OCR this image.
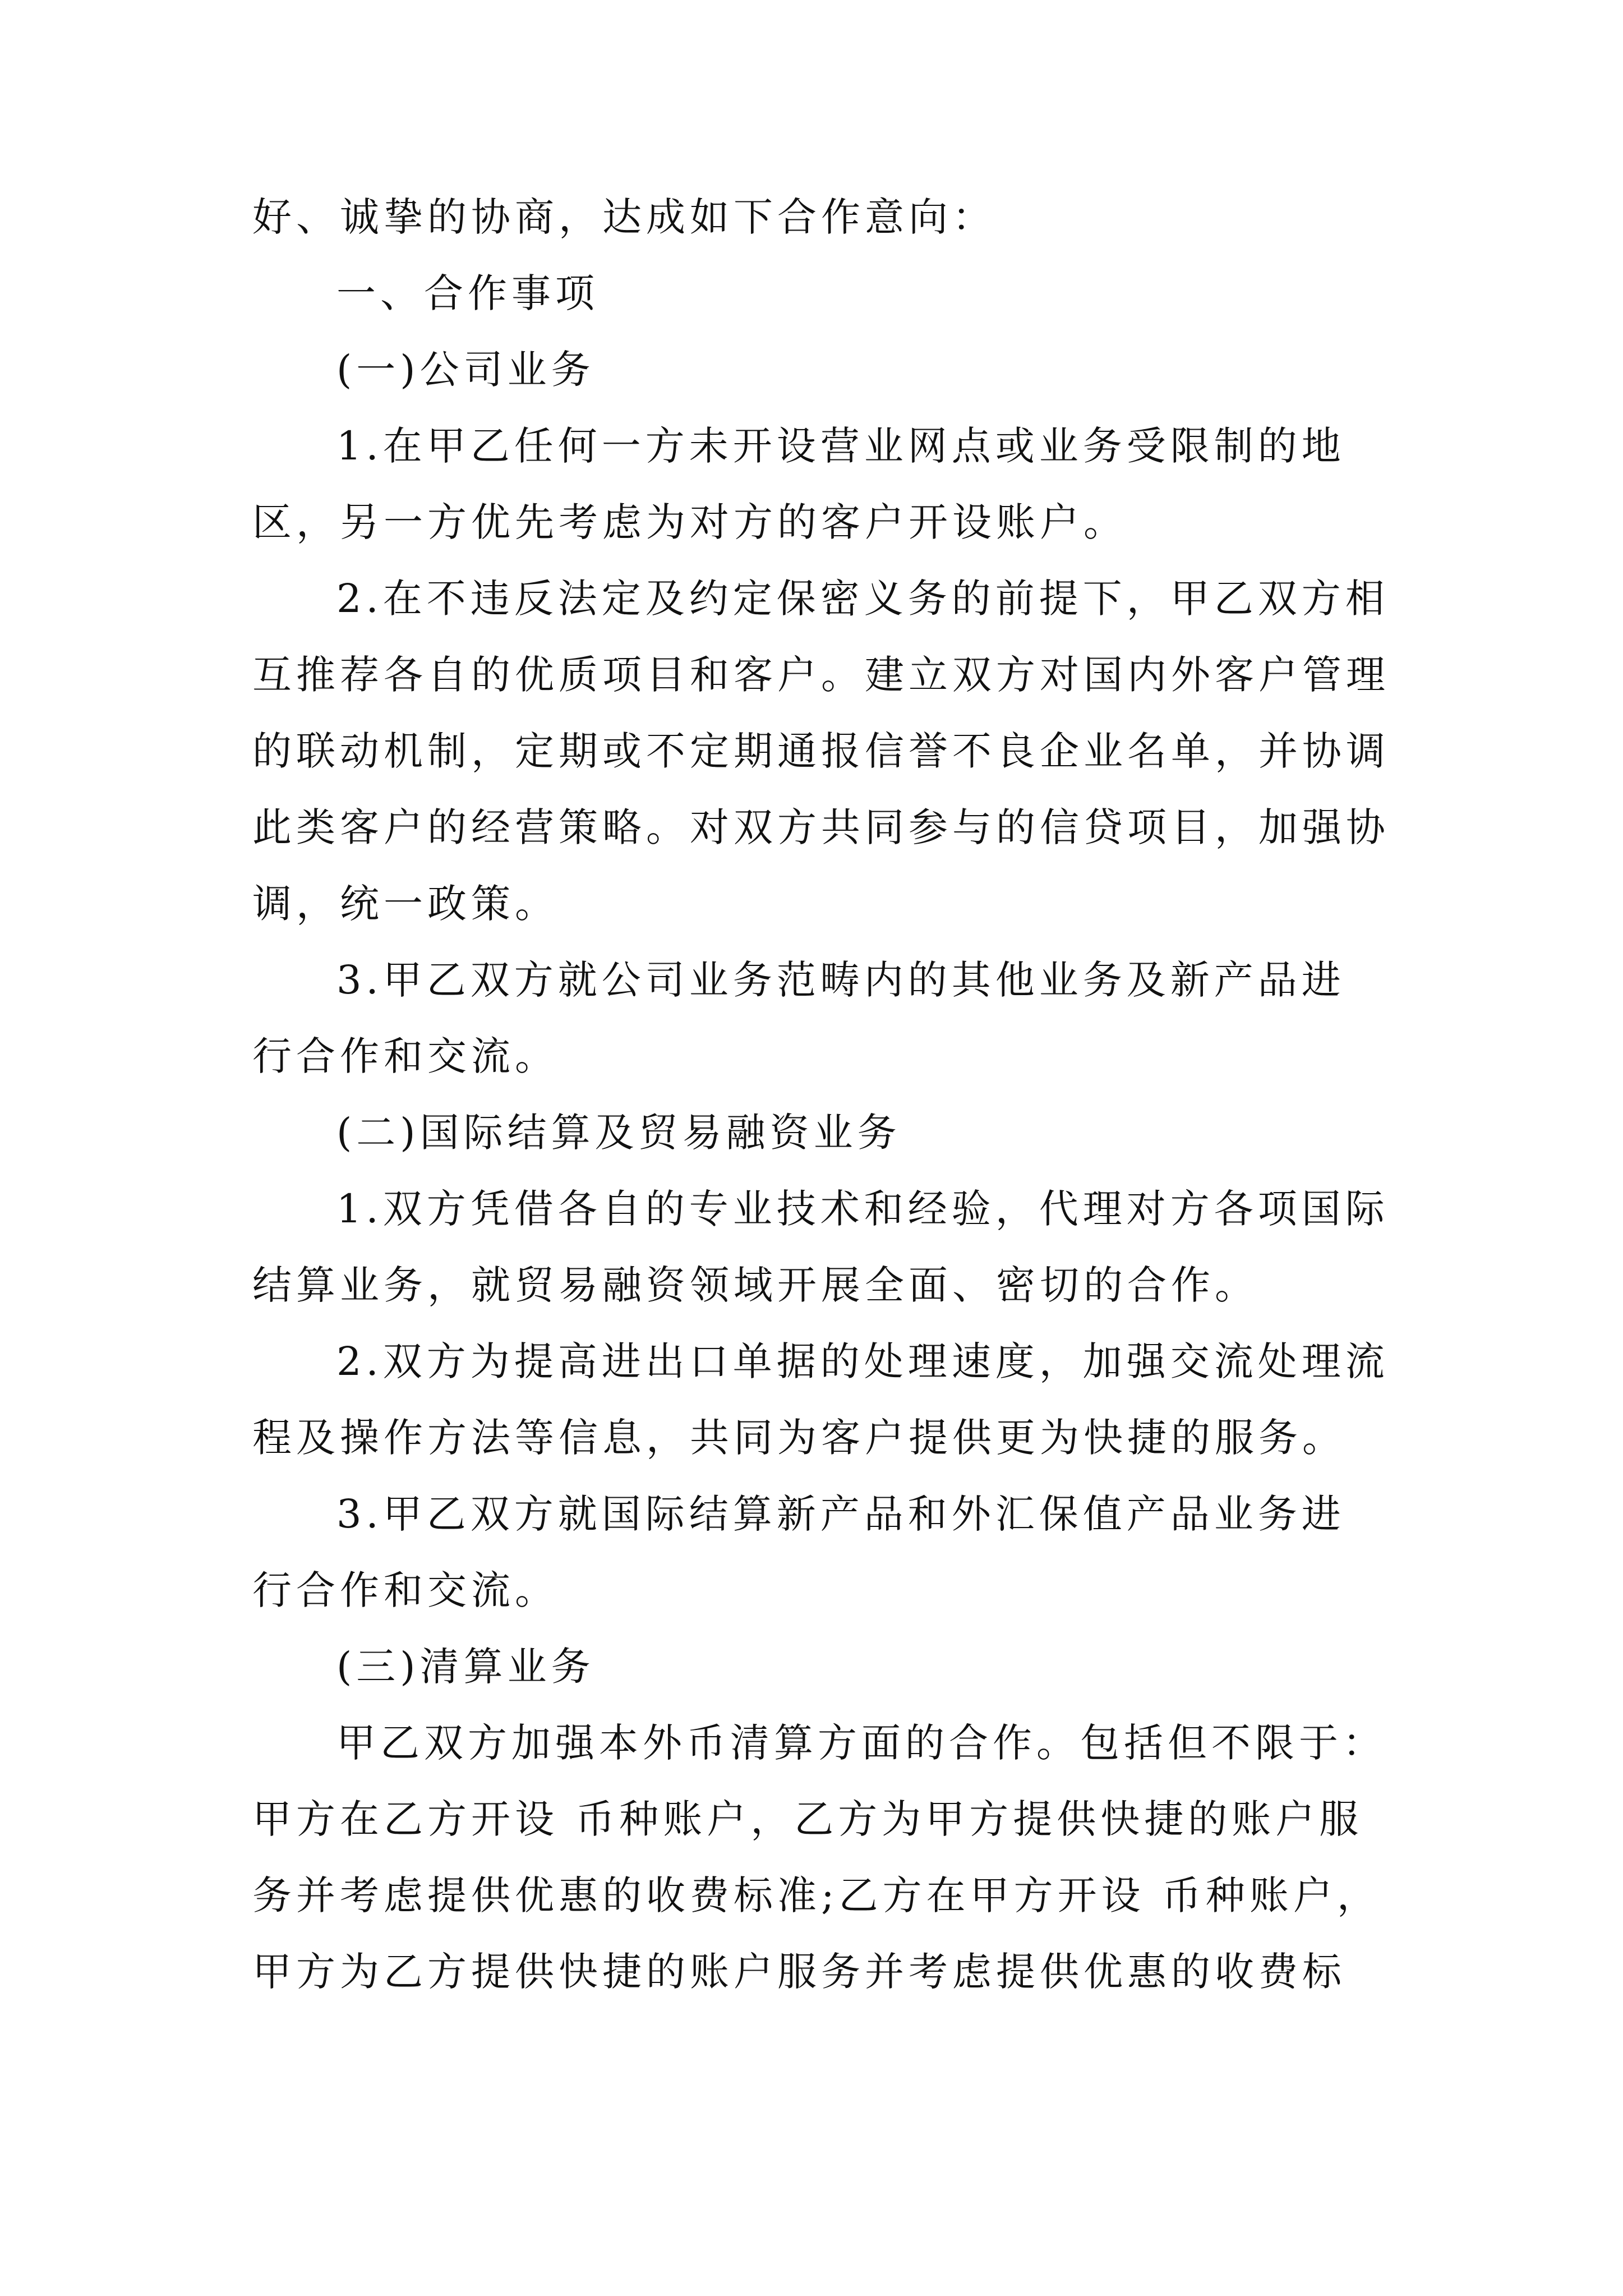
好、诚挚的协商，达成如下合作意向：
一、合作事项
(一)公司业务
1.在甲乙任何一方未开设营业网点或业务受限制的地
区，另一方优先考虑为对方的客户开设账户。
2.在不违反法定及约定保密义务的前提下，甲乙双方相
互推荐各自的优质项目和客户。建立双方对国内外客户管理
的联动机制，定期或不定期通报信誉不良企业名单，并协调
此类客户的经营策略。对双方共同参与的信贷项目，加强协
调，统一政策。
3.甲乙双方就公司业务范畴内的其他业务及新产品进
行合作和交流。
(二)国际结算及贸易融资业务
1.双方凭借各自的专业技术和经验，代理对方各项国际
结算业务，就贸易融资领域开展全面、密切的合作。
2.双方为提高进出口单据的处理速度，加强交流处理流
程及操作方法等信息，共同为客户提供更为快捷的服务。
3.甲乙双方就国际结算新产品和外汇保值产品业务进
行合作和交流。
(三)清算业务
甲乙双方加强本外币清算方面的合作。包括但不限于：
甲方在乙方开设 币种账户，乙方为甲方提供快捷的账户服
务并考虑提供优惠的收费标准;乙方在甲方开设 币种账户，
甲方为乙方提供快捷的账户服务并考虑提供优惠的收费标
